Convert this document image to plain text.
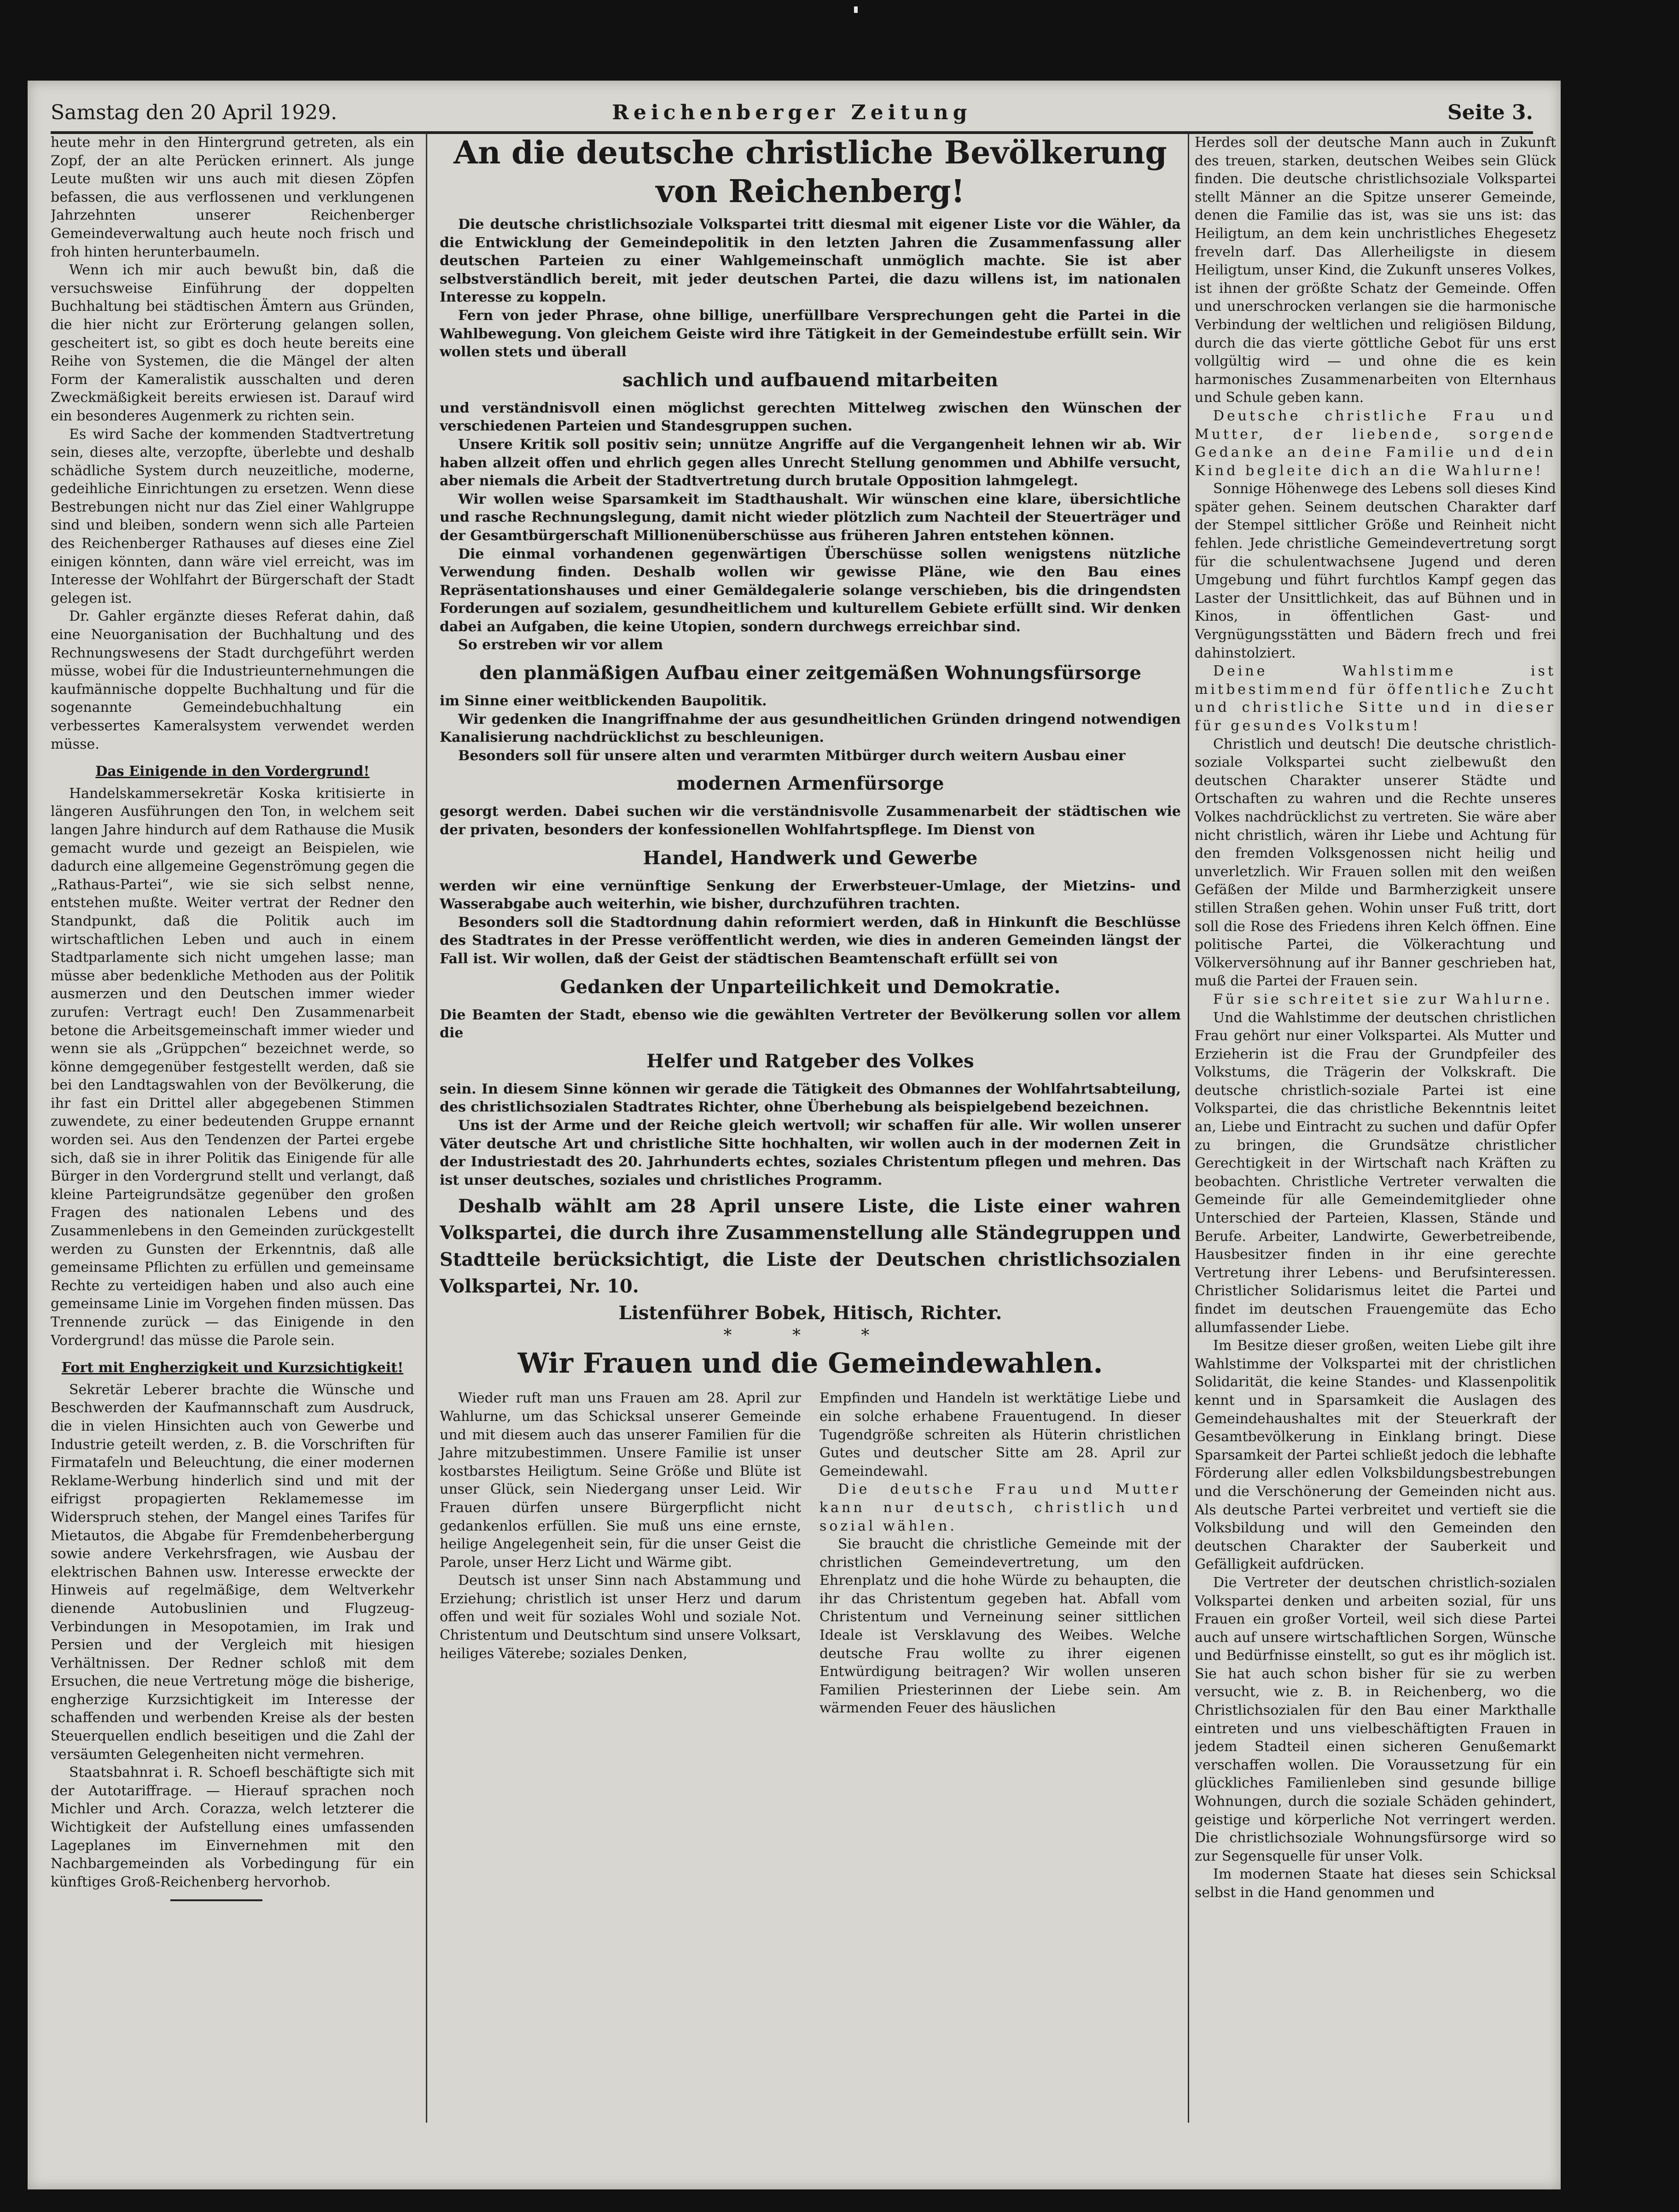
Samstag den 20 April 1929.	Reichenberger Zeitung	Seite 3.

heute mehr in den Hintergrund getreten, als ein Zopf, der an alte Perücken erinnert. Als junge Leute mußten wir uns auch mit diesen Zöpfen befassen, die aus verflossenen und verklungenen Jahrzehnten unserer Reichenberger Gemeindeverwaltung auch heute noch frisch und froh hinten herunterbaumeln.

Wenn ich mir auch bewußt bin, daß die versuchsweise Einführung der doppelten Buchhaltung bei städtischen Ämtern aus Gründen, die hier nicht zur Erörterung gelangen sollen, gescheitert ist, so gibt es doch heute bereits eine Reihe von Systemen, die die Mängel der alten Form der Kameralistik ausschalten und deren Zweckmäßigkeit bereits erwiesen ist. Darauf wird ein besonderes Augenmerk zu richten sein.

Es wird Sache der kommenden Stadtvertretung sein, dieses alte, verzopfte, überlebte und deshalb schädliche System durch neuzeitliche, moderne, gedeihliche Einrichtungen zu ersetzen. Wenn diese Bestrebungen nicht nur das Ziel einer Wahlgruppe sind und bleiben, sondern wenn sich alle Parteien des Reichenberger Rathauses auf dieses eine Ziel einigen könnten, dann wäre viel erreicht, was im Interesse der Wohlfahrt der Bürgerschaft der Stadt gelegen ist.

Dr. Gahler ergänzte dieses Referat dahin, daß eine Neuorganisation der Buchhaltung und des Rechnungswesens der Stadt durchgeführt werden müsse, wobei für die Industrieunternehmungen die kaufmännische doppelte Buchhaltung und für die sogenannte Gemeindebuchhaltung ein verbessertes Kameralsystem verwendet werden müsse.

Das Einigende in den Vordergrund!

Handelskammersekretär Koska kritisierte in längeren Ausführungen den Ton, in welchem seit langen Jahre hindurch auf dem Rathause die Musik gemacht wurde und gezeigt an Beispielen, wie dadurch eine allgemeine Gegenströmung gegen die „Rathaus-Partei“, wie sie sich selbst nenne, entstehen mußte. Weiter vertrat der Redner den Standpunkt, daß die Politik auch im wirtschaftlichen Leben und auch in einem Stadtparlamente sich nicht umgehen lasse; man müsse aber bedenkliche Methoden aus der Politik ausmerzen und den Deutschen immer wieder zurufen: Vertragt euch! Den Zusammenarbeit betone die Arbeitsgemeinschaft immer wieder und wenn sie als „Grüppchen“ bezeichnet werde, so könne demgegenüber festgestellt werden, daß sie bei den Landtagswahlen von der Bevölkerung, die ihr fast ein Drittel aller abgegebenen Stimmen zuwendete, zu einer bedeutenden Gruppe ernannt worden sei. Aus den Tendenzen der Partei ergebe sich, daß sie in ihrer Politik das Einigende für alle Bürger in den Vordergrund stellt und verlangt, daß kleine Parteigrundsätze gegenüber den großen Fragen des nationalen Lebens und des Zusammenlebens in den Gemeinden zurückgestellt werden zu Gunsten der Erkenntnis, daß alle gemeinsame Pflichten zu erfüllen und gemeinsame Rechte zu verteidigen haben und also auch eine gemeinsame Linie im Vorgehen finden müssen. Das Trennende zurück — das Einigende in den Vordergrund! das müsse die Parole sein.

Fort mit Engherzigkeit und Kurzsichtigkeit!

Sekretär Leberer brachte die Wünsche und Beschwerden der Kaufmannschaft zum Ausdruck, die in vielen Hinsichten auch von Gewerbe und Industrie geteilt werden, z. B. die Vorschriften für Firmatafeln und Beleuchtung, die einer modernen Reklame-Werbung hinderlich sind und mit der eifrigst propagierten Reklamemesse im Widerspruch stehen, der Mangel eines Tarifes für Mietautos, die Abgabe für Fremdenbeherbergung sowie andere Verkehrsfragen, wie Ausbau der elektrischen Bahnen usw. Interesse erweckte der Hinweis auf regelmäßige, dem Weltverkehr dienende Autobuslinien und Flugzeug-Verbindungen in Mesopotamien, im Irak und Persien und der Vergleich mit hiesigen Verhältnissen. Der Redner schloß mit dem Ersuchen, die neue Vertretung möge die bisherige, engherzige Kurzsichtigkeit im Interesse der schaffenden und werbenden Kreise als der besten Steuerquellen endlich beseitigen und die Zahl der versäumten Gelegenheiten nicht vermehren.

Staatsbahnrat i. R. Schoefl beschäftigte sich mit der Autotariffrage. — Hierauf sprachen noch Michler und Arch. Corazza, welch letzterer die Wichtigkeit der Aufstellung eines umfassenden Lageplanes im Einvernehmen mit den Nachbargemeinden als Vorbedingung für ein künftiges Groß-Reichenberg hervorhob.

An die deutsche christliche Bevölkerung von Reichenberg!

Die deutsche christlichsoziale Volkspartei tritt diesmal mit eigener Liste vor die Wähler, da die Entwicklung der Gemeindepolitik in den letzten Jahren die Zusammenfassung aller deutschen Parteien zu einer Wahlgemeinschaft unmöglich machte. Sie ist aber selbstverständlich bereit, mit jeder deutschen Partei, die dazu willens ist, im nationalen Interesse zu koppeln.

Fern von jeder Phrase, ohne billige, unerfüllbare Versprechungen geht die Partei in die Wahlbewegung. Von gleichem Geiste wird ihre Tätigkeit in der Gemeindestube erfüllt sein. Wir wollen stets und überall

sachlich und aufbauend mitarbeiten

und verständnisvoll einen möglichst gerechten Mittelweg zwischen den Wünschen der verschiedenen Parteien und Standesgruppen suchen.

Unsere Kritik soll positiv sein; unnütze Angriffe auf die Vergangenheit lehnen wir ab. Wir haben allzeit offen und ehrlich gegen alles Unrecht Stellung genommen und Abhilfe versucht, aber niemals die Arbeit der Stadtvertretung durch brutale Opposition lahmgelegt.

Wir wollen weise Sparsamkeit im Stadthaushalt. Wir wünschen eine klare, übersichtliche und rasche Rechnungslegung, damit nicht wieder plötzlich zum Nachteil der Steuerträger und der Gesamtbürgerschaft Millionenüberschüsse aus früheren Jahren entstehen können.

Die einmal vorhandenen gegenwärtigen Überschüsse sollen wenigstens nützliche Verwendung finden. Deshalb wollen wir gewisse Pläne, wie den Bau eines Repräsentationshauses und einer Gemäldegalerie solange verschieben, bis die dringendsten Forderungen auf sozialem, gesundheitlichem und kulturellem Gebiete erfüllt sind. Wir denken dabei an Aufgaben, die keine Utopien, sondern durchwegs erreichbar sind.

So erstreben wir vor allem

den planmäßigen Aufbau einer zeitgemäßen Wohnungsfürsorge

im Sinne einer weitblickenden Baupolitik.

Wir gedenken die Inangriffnahme der aus gesundheitlichen Gründen dringend notwendigen Kanalisierung nachdrücklichst zu beschleunigen.

Besonders soll für unsere alten und verarmten Mitbürger durch weitern Ausbau einer

modernen Armenfürsorge

gesorgt werden. Dabei suchen wir die verständnisvolle Zusammenarbeit der städtischen wie der privaten, besonders der konfessionellen Wohlfahrtspflege. Im Dienst von

Handel, Handwerk und Gewerbe

werden wir eine vernünftige Senkung der Erwerbsteuer-Umlage, der Mietzins- und Wasserabgabe auch weiterhin, wie bisher, durchzuführen trachten.

Besonders soll die Stadtordnung dahin reformiert werden, daß in Hinkunft die Beschlüsse des Stadtrates in der Presse veröffentlicht werden, wie dies in anderen Gemeinden längst der Fall ist. Wir wollen, daß der Geist der städtischen Beamtenschaft erfüllt sei von

Gedanken der Unparteilichkeit und Demokratie.

Die Beamten der Stadt, ebenso wie die gewählten Vertreter der Bevölkerung sollen vor allem die

Helfer und Ratgeber des Volkes

sein. In diesem Sinne können wir gerade die Tätigkeit des Obmannes der Wohlfahrtsabteilung, des christlichsozialen Stadtrates Richter, ohne Überhebung als beispielgebend bezeichnen.

Uns ist der Arme und der Reiche gleich wertvoll; wir schaffen für alle. Wir wollen unserer Väter deutsche Art und christliche Sitte hochhalten, wir wollen auch in der modernen Zeit in der Industriestadt des 20. Jahrhunderts echtes, soziales Christentum pflegen und mehren. Das ist unser deutsches, soziales und christliches Programm.

Deshalb wählt am 28 April unsere Liste, die Liste einer wahren Volkspartei, die durch ihre Zusammenstellung alle Ständegruppen und Stadtteile berücksichtigt, die Liste der Deutschen christlichsozialen Volkspartei, Nr. 10.
Listenführer Bobek, Hitisch, Richter.
* * *
Wir Frauen und die Gemeindewahlen.

Wieder ruft man uns Frauen am 28. April zur Wahlurne, um das Schicksal unserer Gemeinde und mit diesem auch das unserer Familien für die Jahre mitzubestimmen. Unsere Familie ist unser kostbarstes Heiligtum. Seine Größe und Blüte ist unser Glück, sein Niedergang unser Leid. Wir Frauen dürfen unsere Bürgerpflicht nicht gedankenlos erfüllen. Sie muß uns eine ernste, heilige Angelegenheit sein, für die unser Geist die Parole, unser Herz Licht und Wärme gibt.

Deutsch ist unser Sinn nach Abstammung und Erziehung; christlich ist unser Herz und darum offen und weit für soziales Wohl und soziale Not. Christentum und Deutschtum sind unsere Volksart, heiliges Väterebe; soziales Denken,

Empfinden und Handeln ist werktätige Liebe und ein solche erhabene Frauentugend. In dieser Tugendgröße schreiten als Hüterin christlichen Gutes und deutscher Sitte am 28. April zur Gemeindewahl.

Die deutsche Frau und Mutter kann nur deutsch, christlich und sozial wählen.

Sie braucht die christliche Gemeinde mit der christlichen Gemeindevertretung, um den Ehrenplatz und die hohe Würde zu behaupten, die ihr das Christentum gegeben hat. Abfall vom Christentum und Verneinung seiner sittlichen Ideale ist Versklavung des Weibes. Welche deutsche Frau wollte zu ihrer eigenen Entwürdigung beitragen? Wir wollen unseren Familien Priesterinnen der Liebe sein. Am wärmenden Feuer des häuslichen

Herdes soll der deutsche Mann auch in Zukunft des treuen, starken, deutschen Weibes sein Glück finden. Die deutsche christlichsoziale Volkspartei stellt Männer an die Spitze unserer Gemeinde, denen die Familie das ist, was sie uns ist: das Heiligtum, an dem kein unchristliches Ehegesetz freveln darf. Das Allerheiligste in diesem Heiligtum, unser Kind, die Zukunft unseres Volkes, ist ihnen der größte Schatz der Gemeinde. Offen und unerschrocken verlangen sie die harmonische Verbindung der weltlichen und religiösen Bildung, durch die das vierte göttliche Gebot für uns erst vollgültig wird — und ohne die es kein harmonisches Zusammenarbeiten von Elternhaus und Schule geben kann.

Deutsche christliche Frau und Mutter, der liebende, sorgende Gedanke an deine Familie und dein Kind begleite dich an die Wahlurne!

Sonnige Höhenwege des Lebens soll dieses Kind später gehen. Seinem deutschen Charakter darf der Stempel sittlicher Größe und Reinheit nicht fehlen. Jede christliche Gemeindevertretung sorgt für die schulentwachsene Jugend und deren Umgebung und führt furchtlos Kampf gegen das Laster der Unsittlichkeit, das auf Bühnen und in Kinos, in öffentlichen Gast- und Vergnügungsstätten und Bädern frech und frei dahinstolziert.

Deine Wahlstimme ist mitbestimmend für öffentliche Zucht und christliche Sitte und in dieser für gesundes Volkstum!

Christlich und deutsch! Die deutsche christlich-soziale Volkspartei sucht zielbewußt den deutschen Charakter unserer Städte und Ortschaften zu wahren und die Rechte unseres Volkes nachdrücklichst zu vertreten. Sie wäre aber nicht christlich, wären ihr Liebe und Achtung für den fremden Volksgenossen nicht heilig und unverletzlich. Wir Frauen sollen mit den weißen Gefäßen der Milde und Barmherzigkeit unsere stillen Straßen gehen. Wohin unser Fuß tritt, dort soll die Rose des Friedens ihren Kelch öffnen. Eine politische Partei, die Völkerachtung und Völkerversöhnung auf ihr Banner geschrieben hat, muß die Partei der Frauen sein.

Für sie schreitet sie zur Wahlurne.

Und die Wahlstimme der deutschen christlichen Frau gehört nur einer Volkspartei. Als Mutter und Erzieherin ist die Frau der Grundpfeiler des Volkstums, die Trägerin der Volkskraft. Die deutsche christlich-soziale Partei ist eine Volkspartei, die das christliche Bekenntnis leitet an, Liebe und Eintracht zu suchen und dafür Opfer zu bringen, die Grundsätze christlicher Gerechtigkeit in der Wirtschaft nach Kräften zu beobachten. Christliche Vertreter verwalten die Gemeinde für alle Gemeindemitglieder ohne Unterschied der Parteien, Klassen, Stände und Berufe. Arbeiter, Landwirte, Gewerbetreibende, Hausbesitzer finden in ihr eine gerechte Vertretung ihrer Lebens- und Berufsinteressen. Christlicher Solidarismus leitet die Partei und findet im deutschen Frauengemüte das Echo allumfassender Liebe.

Im Besitze dieser großen, weiten Liebe gilt ihre Wahlstimme der Volkspartei mit der christlichen Solidarität, die keine Standes- und Klassenpolitik kennt und in Sparsamkeit die Auslagen des Gemeindehaushaltes mit der Steuerkraft der Gesamtbevölkerung in Einklang bringt. Diese Sparsamkeit der Partei schließt jedoch die lebhafte Förderung aller edlen Volksbildungsbestrebungen und die Verschönerung der Gemeinden nicht aus. Als deutsche Partei verbreitet und vertieft sie die Volksbildung und will den Gemeinden den deutschen Charakter der Sauberkeit und Gefälligkeit aufdrücken.

Die Vertreter der deutschen christlich-sozialen Volkspartei denken und arbeiten sozial, für uns Frauen ein großer Vorteil, weil sich diese Partei auch auf unsere wirtschaftlichen Sorgen, Wünsche und Bedürfnisse einstellt, so gut es ihr möglich ist. Sie hat auch schon bisher für sie zu werben versucht, wie z. B. in Reichenberg, wo die Christlichsozialen für den Bau einer Markthalle eintreten und uns vielbeschäftigten Frauen in jedem Stadteil einen sicheren Genußemarkt verschaffen wollen. Die Voraussetzung für ein glückliches Familienleben sind gesunde billige Wohnungen, durch die soziale Schäden gehindert, geistige und körperliche Not verringert werden. Die christlichsoziale Wohnungsfürsorge wird so zur Segensquelle für unser Volk.

Im modernen Staate hat dieses sein Schicksal selbst in die Hand genommen und
